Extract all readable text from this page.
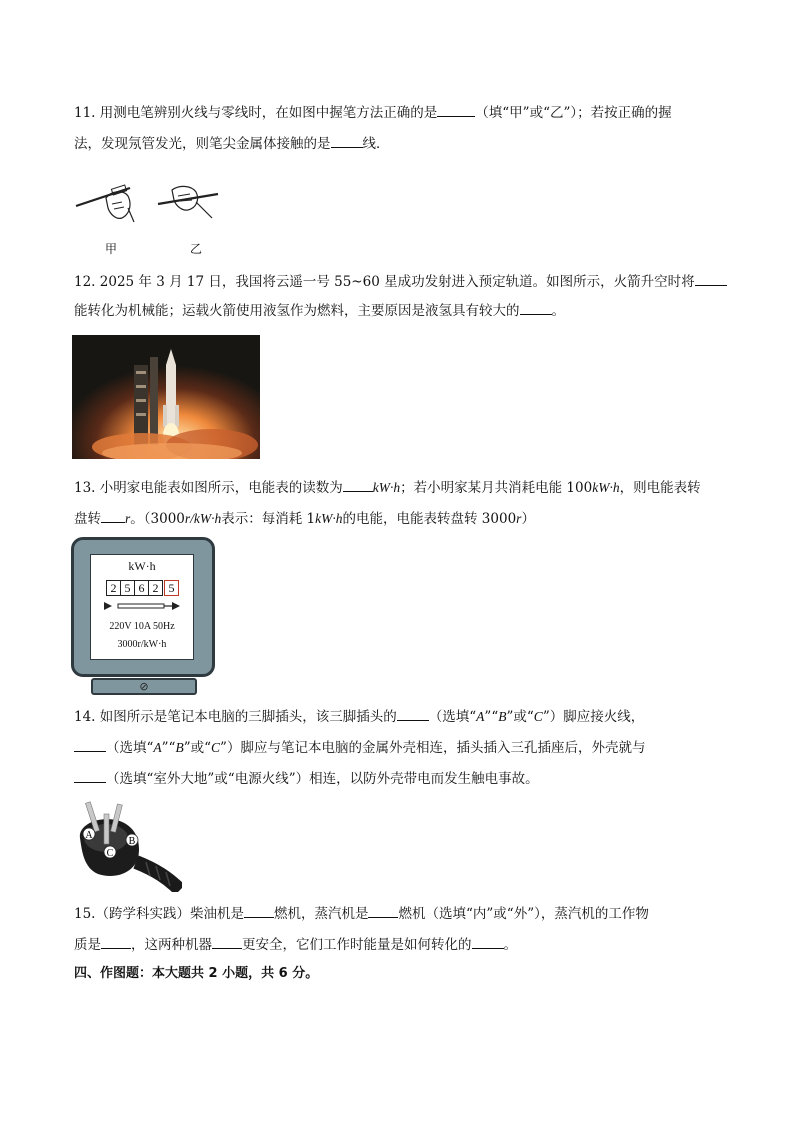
11. 用测电笔辨别火线与零线时，在如图中握笔方法正确的是	（填“甲”或“乙”）；若按正确的握
法，发现氖管发光，则笔尖金属体接触的是 线．
甲	乙
12. 2025 年 3 月 17 日，我国将云遥一号 55~60 星成功发射进入预定轨道。如图所示，火箭升空时将
能转化为机械能；运载火箭使用液氢作为燃料，主要原因是液氢具有较大的 。
13. 小明家电能表如图所示，电能表的读数为 kW·h；若小明家某月共消耗电能 100kW·h，则电能表转
盘转 r。（3000r/kW·h表示：每消耗 1kW·h的电能，电能表转盘转 3000r）
kW·h
2 5 6 2 5
220V 10A 50Hz
3000r/kW·h
⊘
14. 如图所示是笔记本电脑的三脚插头，该三脚插头的 （选填“A”“B”或“C”）脚应接火线，
（选填“A”“B”或“C”）脚应与笔记本电脑的金属外壳相连，插头插入三孔插座后，外壳就与
（选填“室外大地”或“电源火线”）相连，以防外壳带电而发生触电事故。
A
B
C
15.（跨学科实践）柴油机是 燃机，蒸汽机是 燃机（选填“内”或“外”），蒸汽机的工作物
质是 ，这两种机器 更安全，它们工作时能量是如何转化的 。
四、作图题：本大题共 2 小题，共 6 分。
